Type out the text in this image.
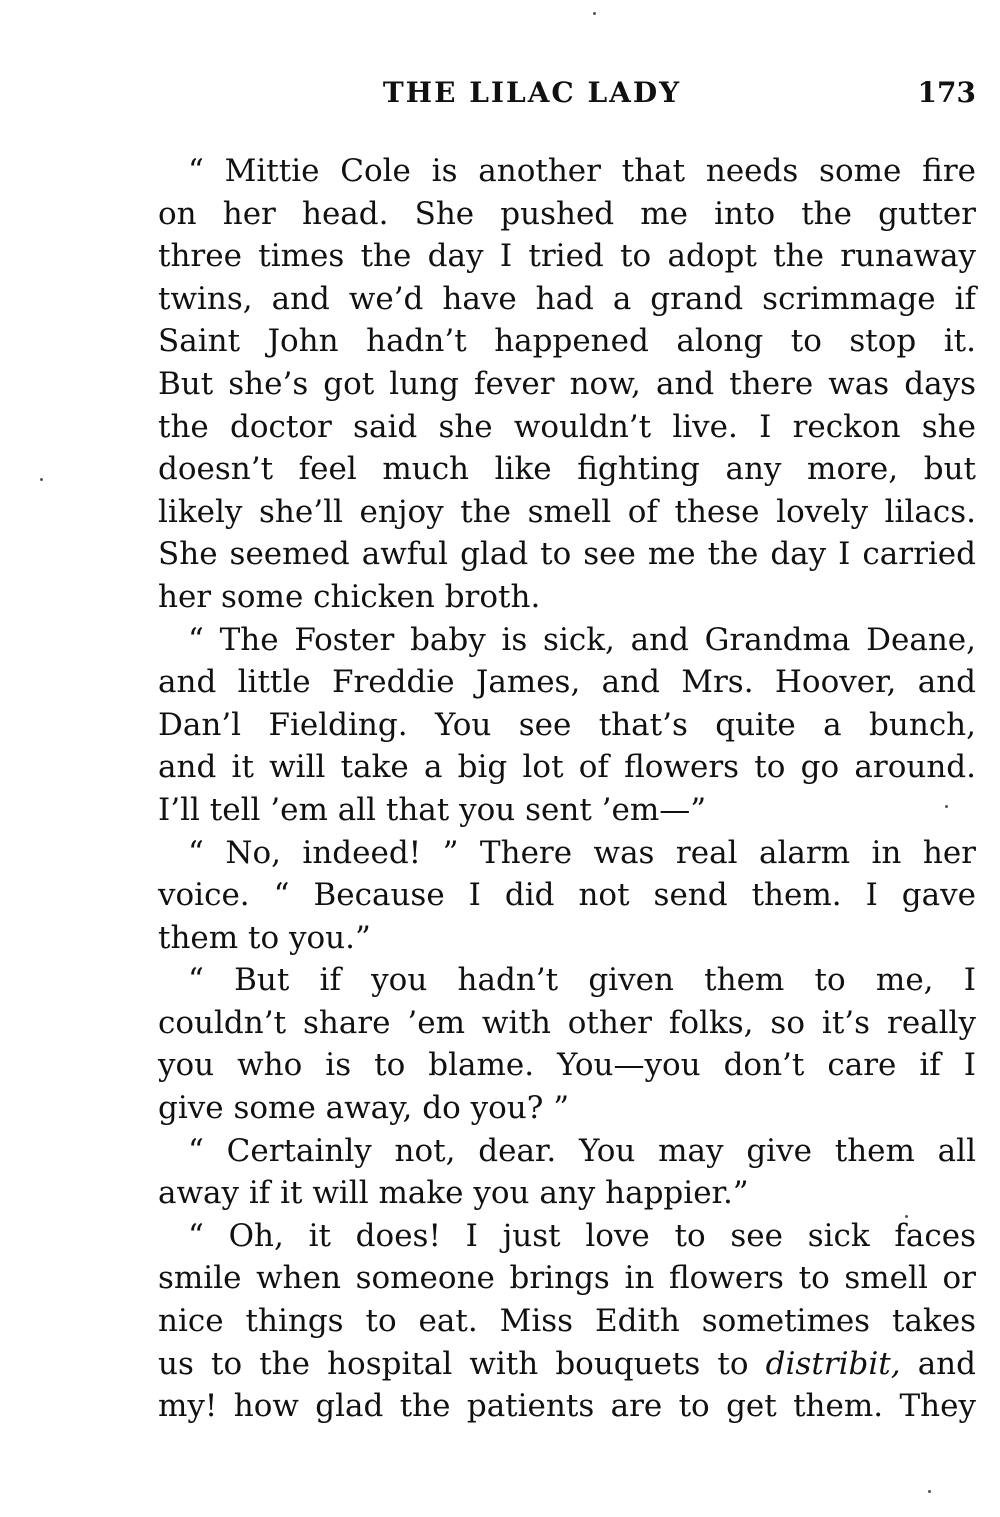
THE LILAC LADY	173
“ Mittie Cole is another that needs some fire
on her head. She pushed me into the gutter
three times the day I tried to adopt the runaway
twins, and we’d have had a grand scrimmage if
Saint John hadn’t happened along to stop it.
But she’s got lung fever now, and there was days
the doctor said she wouldn’t live. I reckon she
doesn’t feel much like fighting any more, but
likely she’ll enjoy the smell of these lovely lilacs.
She seemed awful glad to see me the day I carried
her some chicken broth.
“ The Foster baby is sick, and Grandma Deane,
and little Freddie James, and Mrs. Hoover, and
Dan’l Fielding. You see that’s quite a bunch,
and it will take a big lot of flowers to go around.
I’ll tell ’em all that you sent ’em—”
“ No, indeed! ” There was real alarm in her
voice. “ Because I did not send them. I gave
them to you.”
“ But if you hadn’t given them to me, I
couldn’t share ’em with other folks, so it’s really
you who is to blame. You—you don’t care if I
give some away, do you? ”
“ Certainly not, dear. You may give them all
away if it will make you any happier.”
“ Oh, it does! I just love to see sick faces
smile when someone brings in flowers to smell or
nice things to eat. Miss Edith sometimes takes
us to the hospital with bouquets to distribit, and
my! how glad the patients are to get them. They
